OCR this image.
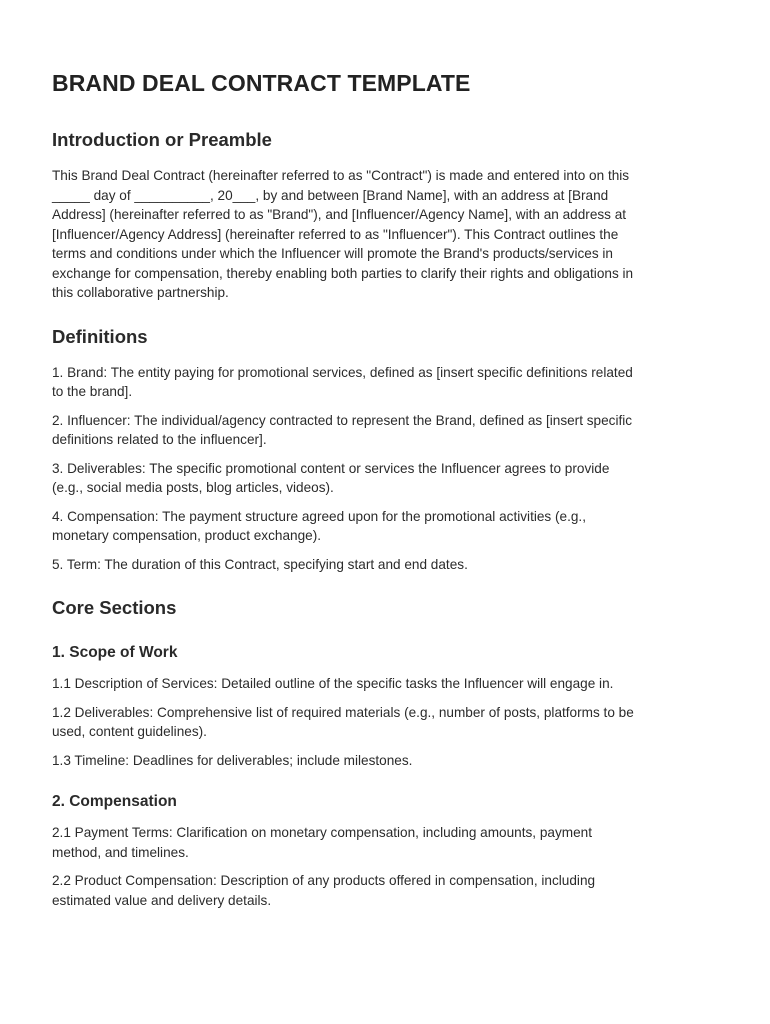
BRAND DEAL CONTRACT TEMPLATE
Introduction or Preamble

This Brand Deal Contract (hereinafter referred to as "Contract") is made and entered into on this
_____ day of __________, 20___, by and between [Brand Name], with an address at [Brand
Address] (hereinafter referred to as "Brand"), and [Influencer/Agency Name], with an address at
[Influencer/Agency Address] (hereinafter referred to as "Influencer"). This Contract outlines the
terms and conditions under which the Influencer will promote the Brand's products/services in
exchange for compensation, thereby enabling both parties to clarify their rights and obligations in
this collaborative partnership.

Definitions

1. Brand: The entity paying for promotional services, defined as [insert specific definitions related
to the brand].

2. Influencer: The individual/agency contracted to represent the Brand, defined as [insert specific
definitions related to the influencer].

3. Deliverables: The specific promotional content or services the Influencer agrees to provide
(e.g., social media posts, blog articles, videos).

4. Compensation: The payment structure agreed upon for the promotional activities (e.g.,
monetary compensation, product exchange).

5. Term: The duration of this Contract, specifying start and end dates.

Core Sections
1. Scope of Work

1.1 Description of Services: Detailed outline of the specific tasks the Influencer will engage in.

1.2 Deliverables: Comprehensive list of required materials (e.g., number of posts, platforms to be
used, content guidelines).

1.3 Timeline: Deadlines for deliverables; include milestones.

2. Compensation

2.1 Payment Terms: Clarification on monetary compensation, including amounts, payment
method, and timelines.

2.2 Product Compensation: Description of any products offered in compensation, including
estimated value and delivery details.
